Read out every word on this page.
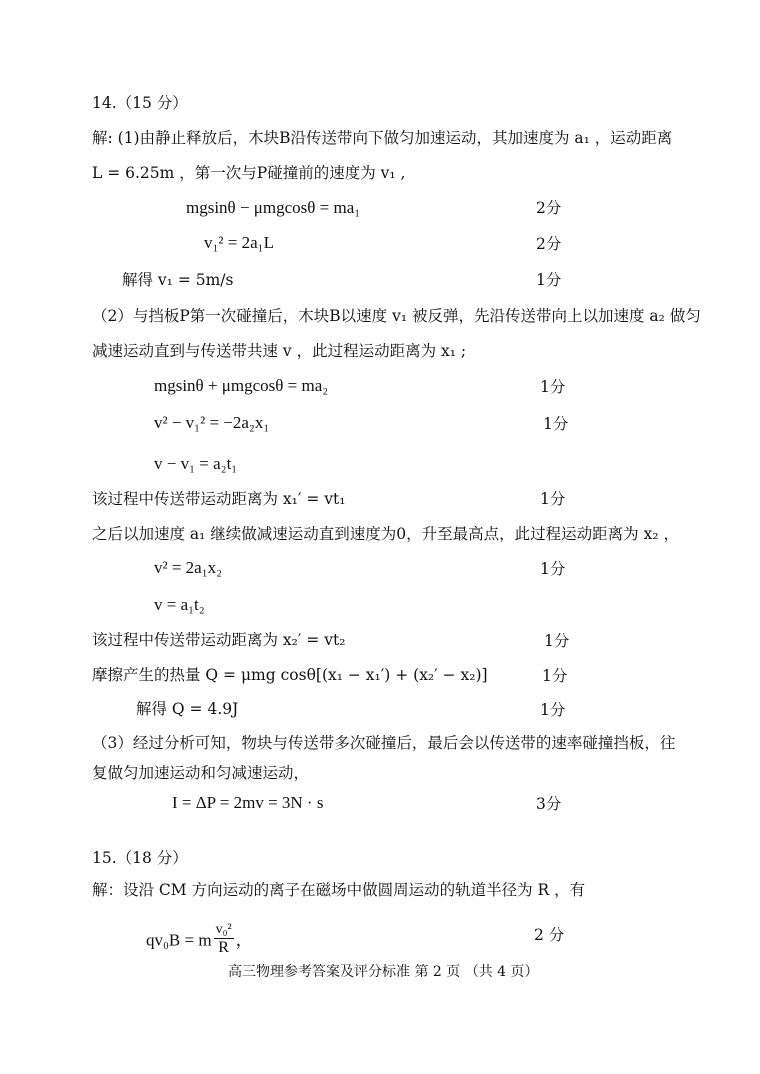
14.（15 分）
解: (1)由静止释放后，木块B沿传送带向下做匀加速运动，其加速度为 a₁ ，运动距离
L = 6.25m ，第一次与P碰撞前的速度为 v₁ ,
mgsinθ − μmgcosθ = ma₁	2分
v₁² = 2a₁L	2分
解得 v₁ = 5m/s	1分
（2）与挡板P第一次碰撞后，木块B以速度 v₁ 被反弹，先沿传送带向上以加速度 a₂ 做匀
减速运动直到与传送带共速 v ，此过程运动距离为 x₁ ;
mgsinθ + μmgcosθ = ma₂	1分
v² − v₁² = −2a₂x₁	1分
v − v₁ = a₂t₁
该过程中传送带运动距离为 x₁′ = vt₁	1分
之后以加速度 a₁ 继续做减速运动直到速度为0，升至最高点，此过程运动距离为 x₂ ，
v² = 2a₁x₂	1分
v = a₁t₂
该过程中传送带运动距离为 x₂′ = vt₂	1分
摩擦产生的热量 Q = μmg cosθ[(x₁ − x₁′) + (x₂′ − x₂)]	1分
解得 Q = 4.9J	1分
（3）经过分析可知，物块与传送带多次碰撞后，最后会以传送带的速率碰撞挡板，往
复做匀加速运动和匀减速运动，
I = ΔP = 2mv = 3N · s	3分
15.（18 分）
解：设沿 CM 方向运动的离子在磁场中做圆周运动的轨道半径为 R ，有
qv₀B = m $\frac{\text{v₀²}}{R}$ ，	2 分
高三物理参考答案及评分标准 第 2 页 （共 4 页）
